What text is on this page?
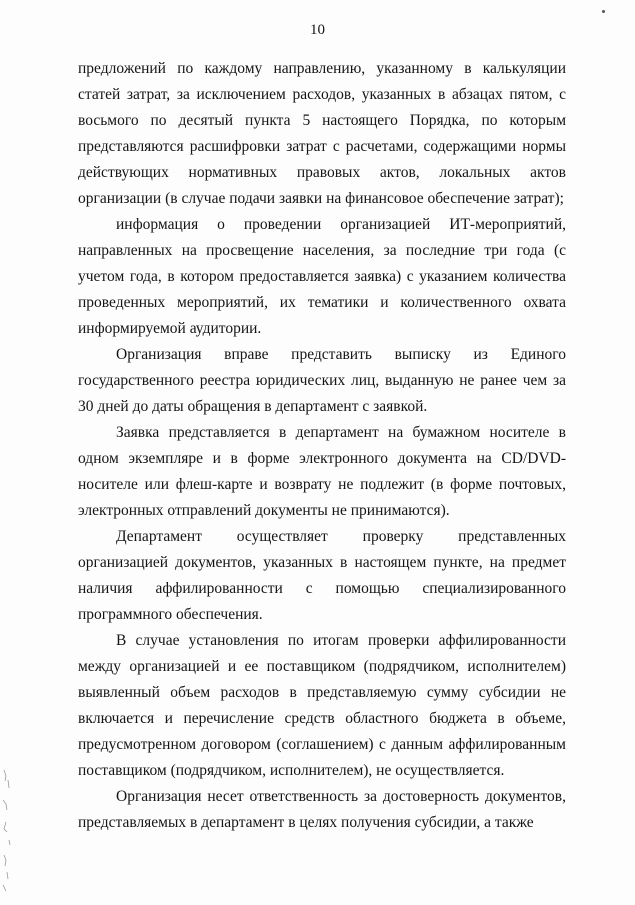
10

предложений по каждому направлению, указанному в калькуляции статей затрат, за исключением расходов, указанных в абзацах пятом, с восьмого по десятый пункта 5 настоящего Порядка, по которым представляются расшифровки затрат с расчетами, содержащими нормы действующих нормативных правовых актов, локальных актов организации (в случае подачи заявки на финансовое обеспечение затрат);

информация о проведении организацией ИТ-мероприятий, направленных на просвещение населения, за последние три года (с учетом года, в котором предоставляется заявка) с указанием количества проведенных мероприятий, их тематики и количественного охвата информируемой аудитории.

Организация вправе представить выписку из Единого государственного реестра юридических лиц, выданную не ранее чем за 30 дней до даты обращения в департамент с заявкой.

Заявка представляется в департамент на бумажном носителе в одном экземпляре и в форме электронного документа на CD/DVD-носителе или флеш-карте и возврату не подлежит (в форме почтовых, электронных отправлений документы не принимаются).

Департамент осуществляет проверку представленных организацией документов, указанных в настоящем пункте, на предмет наличия аффилированности с помощью специализированного программного обеспечения.

В случае установления по итогам проверки аффилированности между организацией и ее поставщиком (подрядчиком, исполнителем) выявленный объем расходов в представляемую сумму субсидии не включается и перечисление средств областного бюджета в объеме, предусмотренном договором (соглашением) с данным аффилированным поставщиком (подрядчиком, исполнителем), не осуществляется.

Организация несет ответственность за достоверность документов, представляемых в департамент в целях получения субсидии, а также
